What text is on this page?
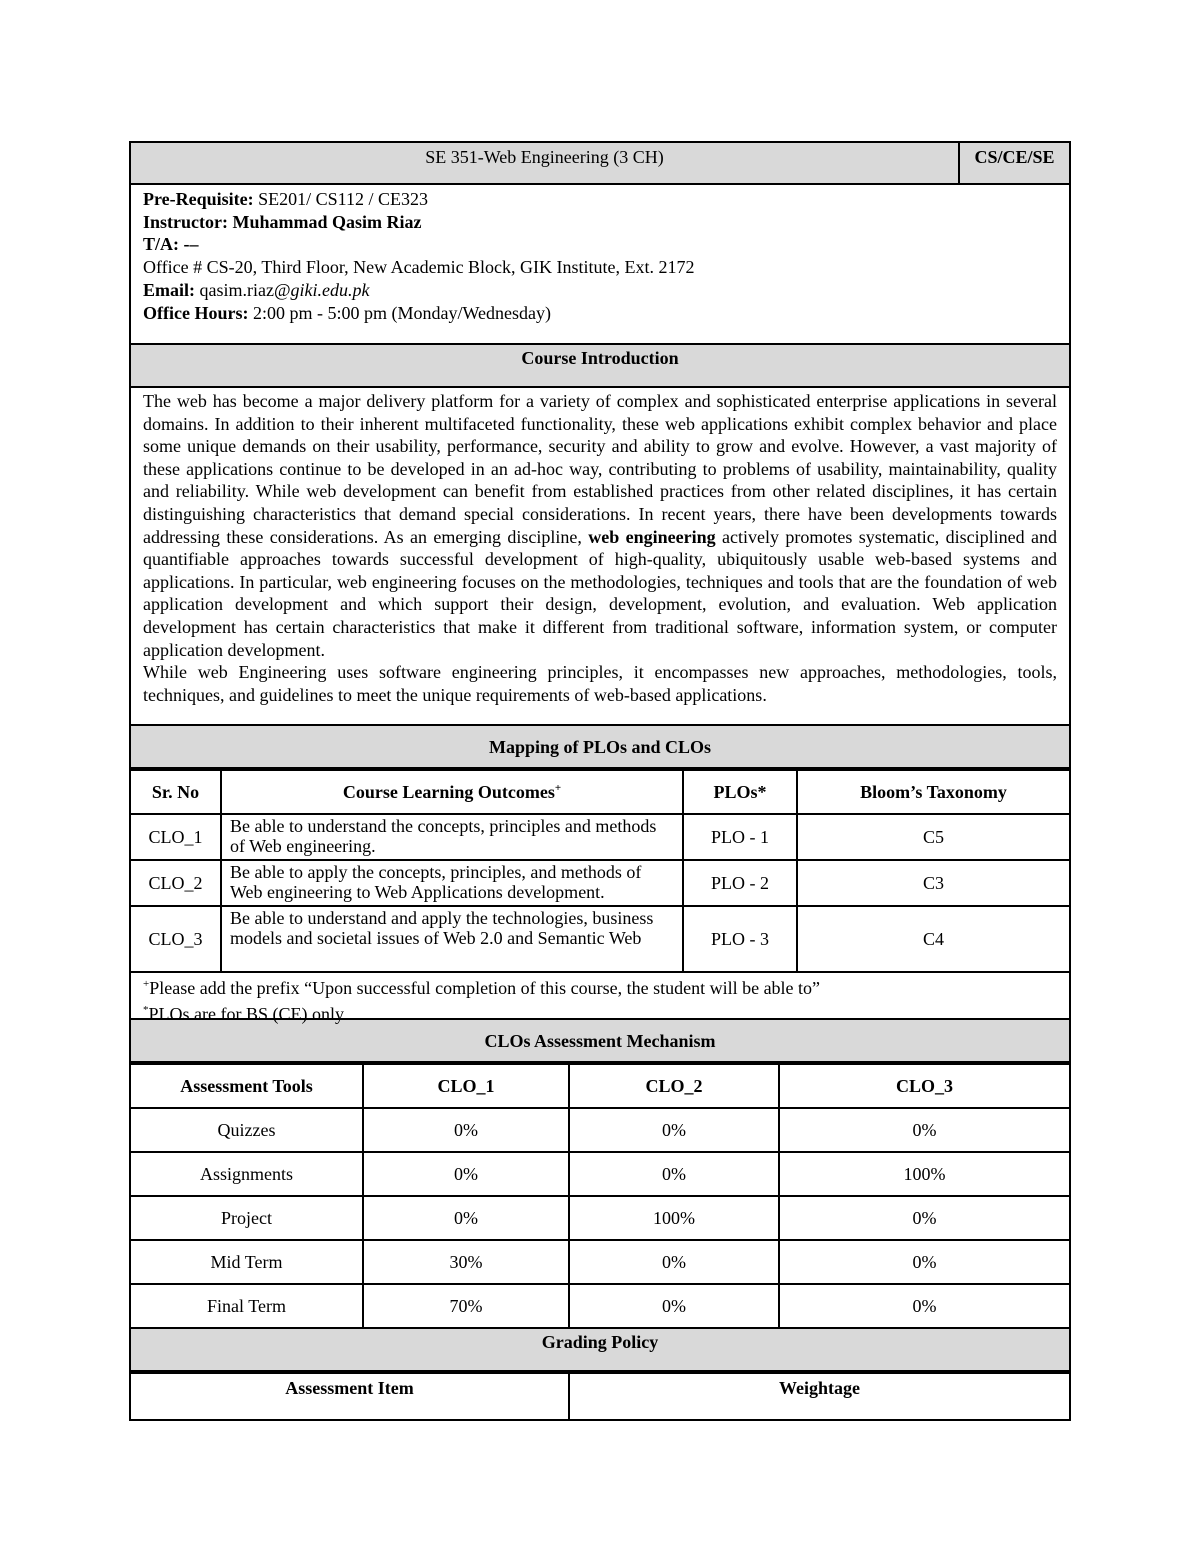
SE 351-Web Engineering (3 CH)	CS/CE/SE
Pre-Requisite: SE201/ CS112 / CE323
Instructor: Muhammad Qasim Riaz
T/A: -–
Office # CS-20, Third Floor, New Academic Block, GIK Institute, Ext. 2172
Email: qasim.riaz@giki.edu.pk
Office Hours: 2:00 pm - 5:00 pm (Monday/Wednesday)
Course Introduction

The web has become a major delivery platform for a variety of complex and sophisticated enterprise applications in several domains. In addition to their inherent multifaceted functionality, these web applications exhibit complex behavior and place some unique demands on their usability, performance, security and ability to grow and evolve. However, a vast majority of these applications continue to be developed in an ad-hoc way, contributing to problems of usability, maintainability, quality and reliability. While web development can benefit from established practices from other related disciplines, it has certain distinguishing characteristics that demand special considerations. In recent years, there have been developments towards addressing these considerations. As an emerging discipline, web engineering actively promotes systematic, disciplined and quantifiable approaches towards successful development of high-quality, ubiquitously usable web-based systems and applications. In particular, web engineering focuses on the methodologies, techniques and tools that are the foundation of web application development and which support their design, development, evolution, and evaluation. Web application development has certain characteristics that make it different from traditional software, information system, or computer application development.

While web Engineering uses software engineering principles, it encompasses new approaches, methodologies, tools, techniques, and guidelines to meet the unique requirements of web-based applications.

Mapping of PLOs and CLOs
Sr. No	Course Learning Outcomes+	PLOs*	Bloom’s Taxonomy
CLO_1	Be able to understand the concepts, principles and methods of Web engineering.	PLO - 1	C5
CLO_2	Be able to apply the concepts, principles, and methods of Web engineering to Web Applications development.	PLO - 2	C3
CLO_3	Be able to understand and apply the technologies, business models and societal issues of Web 2.0 and Semantic Web	PLO - 3	C4
+Please add the prefix “Upon successful completion of this course, the student will be able to”
*PLOs are for BS (CE) only
CLOs Assessment Mechanism
Assessment Tools	CLO_1	CLO_2	CLO_3
Quizzes	0%	0%	0%
Assignments	0%	0%	100%
Project	0%	100%	0%
Mid Term	30%	0%	0%
Final Term	70%	0%	0%
Grading Policy
Assessment Item	Weightage
